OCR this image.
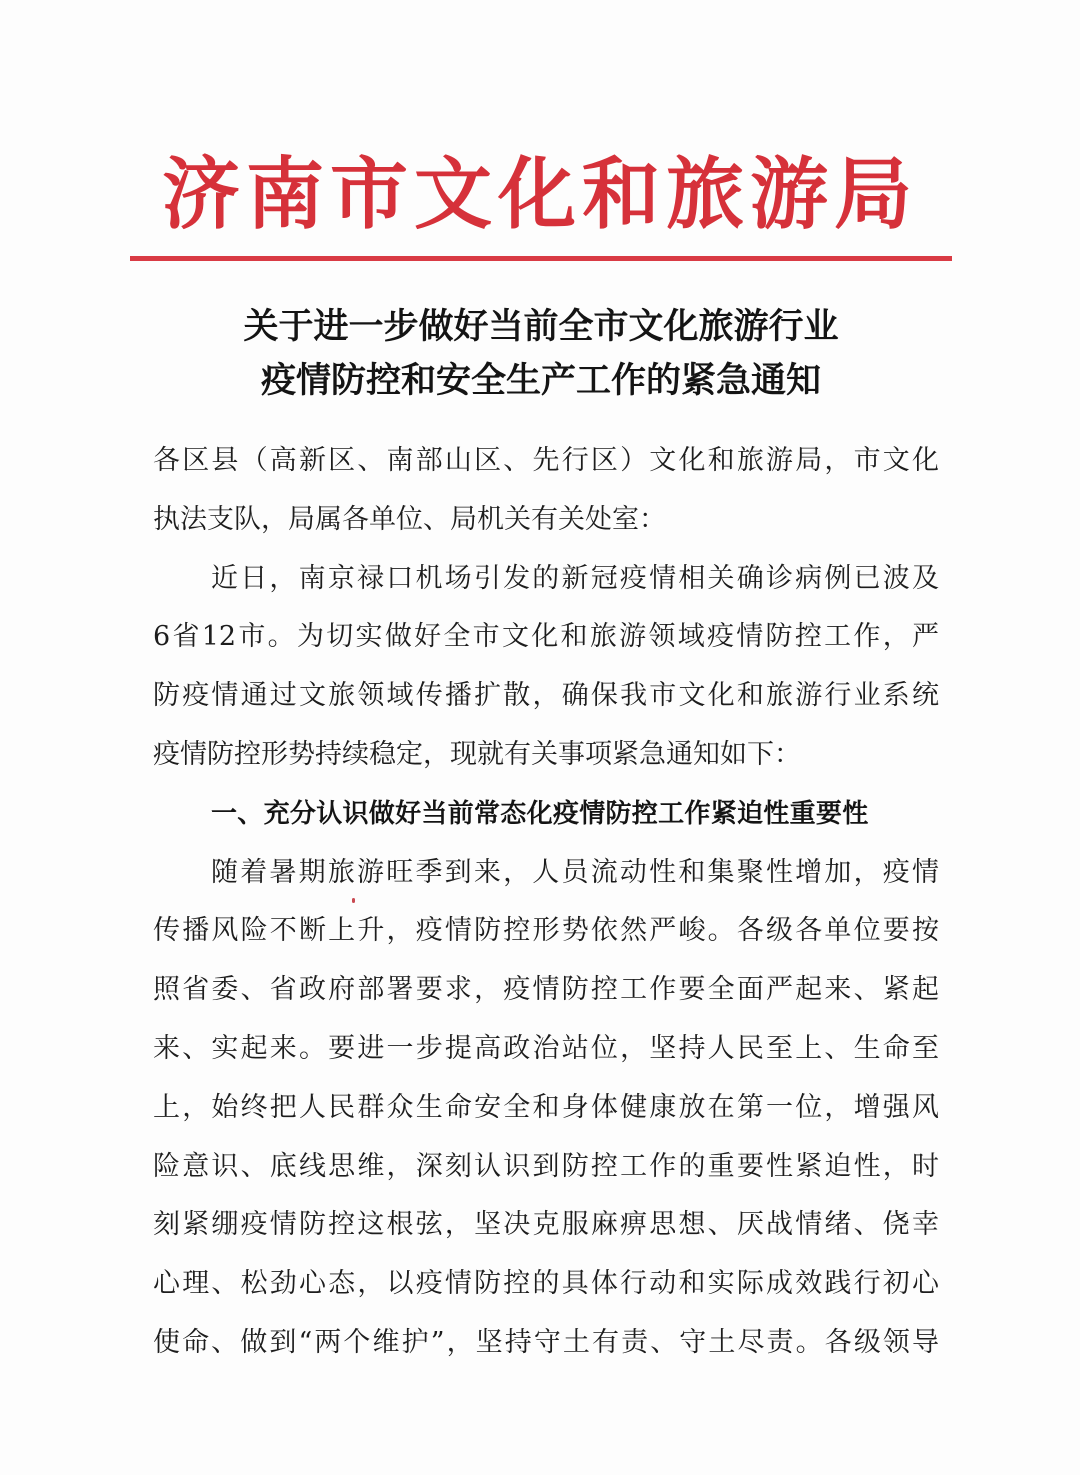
济南市文化和旅游局
关于进一步做好当前全市文化旅游行业
疫情防控和安全生产工作的紧急通知
各区县（高新区、南部山区、先行区）文化和旅游局，市文化
执法支队，局属各单位、局机关有关处室：
近日，南京禄口机场引发的新冠疫情相关确诊病例已波及
6省12市。为切实做好全市文化和旅游领域疫情防控工作，严
防疫情通过文旅领域传播扩散，确保我市文化和旅游行业系统
疫情防控形势持续稳定，现就有关事项紧急通知如下：
一、充分认识做好当前常态化疫情防控工作紧迫性重要性
随着暑期旅游旺季到来，人员流动性和集聚性增加，疫情
传播风险不断上升，疫情防控形势依然严峻。各级各单位要按
照省委、省政府部署要求，疫情防控工作要全面严起来、紧起
来、实起来。要进一步提高政治站位，坚持人民至上、生命至
上，始终把人民群众生命安全和身体健康放在第一位，增强风
险意识、底线思维，深刻认识到防控工作的重要性紧迫性，时
刻紧绷疫情防控这根弦，坚决克服麻痹思想、厌战情绪、侥幸
心理、松劲心态，以疫情防控的具体行动和实际成效践行初心
使命、做到“两个维护”，坚持守土有责、守土尽责。各级领导
